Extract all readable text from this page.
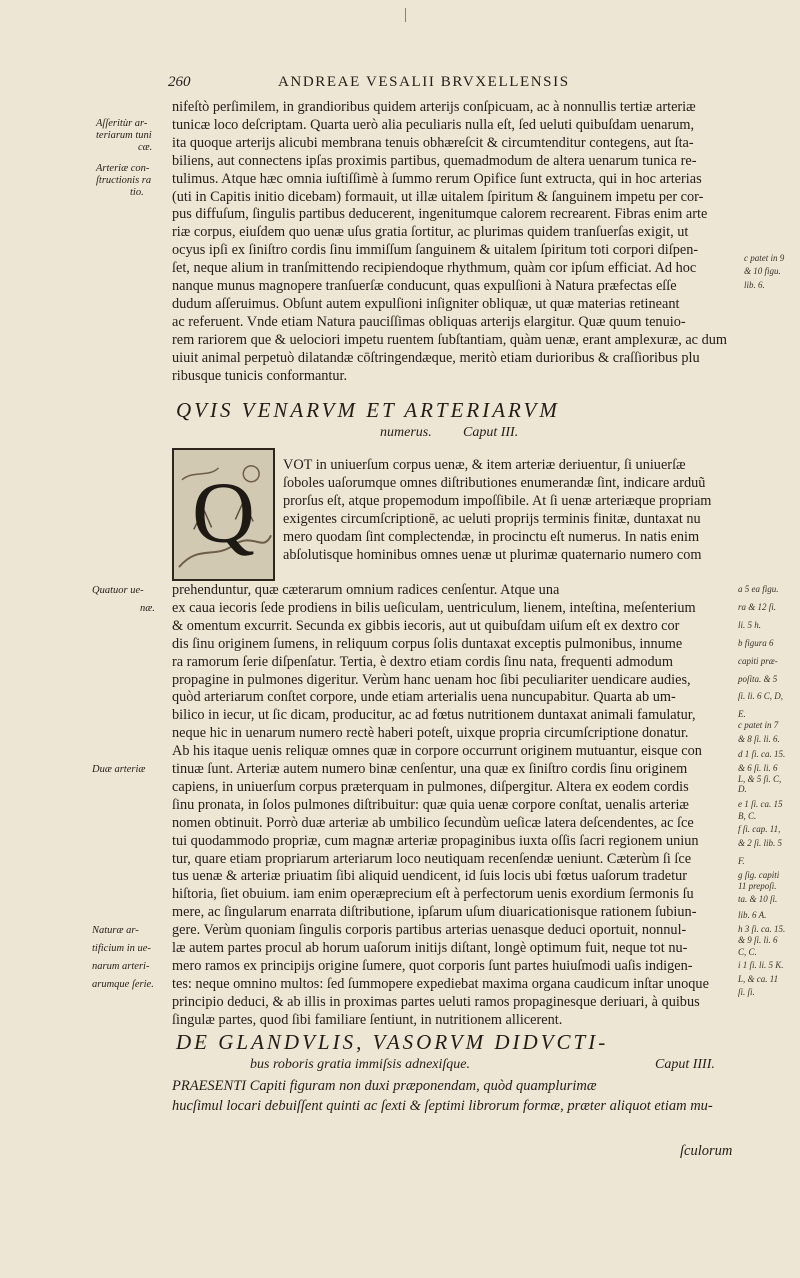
260	ANDREAE VESALII BRVXELLENSIS
nifeſtò perſimilem, in grandioribus quidem arterijs conſpicuam, ac à nonnullis tertiæ arteriæ
tunicæ loco deſcriptam. Quarta uerò alia peculiaris nulla eſt, ſed ueluti quibuſdam uenarum,
ita quoque arterijs alicubi membrana tenuis obhæreſcit & circumtenditur contegens, aut ſta-
biliens, aut connectens ipſas proximis partibus, quemadmodum de altera uenarum tunica re-
tulimus. Atque hæc omnia iuſtiſſimè à ſummo rerum Opifice ſunt extructa, qui in hoc arterias
(uti in Capitis initio dicebam) formauit, ut illæ uitalem ſpiritum & ſanguinem impetu per cor-
pus diffuſum, ſingulis partibus deducerent, ingenitumque calorem recrearent. Fibras enim arte
riæ corpus, eiuſdem quo uenæ uſus gratia ſortitur, ac plurimas quidem tranſuerſas exigit, ut
ocyus ipſi ex ſiniſtro cordis ſinu immiſſum ſanguinem & uitalem ſpiritum toti corpori diſpen-
ſet, neque alium in tranſmittendo recipiendoque rhythmum, quàm cor ipſum efficiat. Ad hoc
nanque munus magnopere tranſuerſæ conducunt, quas expulſioni à Natura præfectas eſſe
dudum aſſeruimus. Obſunt autem expulſioni inſigniter obliquæ, ut quæ materias retineant
ac referuent. Vnde etiam Natura pauciſſimas obliquas arterijs elargitur. Quæ quum tenuio-
rem rariorem que & uelociori impetu ruentem ſubſtantiam, quàm uenæ, erant amplexuræ, ac dum
uiuit animal perpetuò dilatandæ cōſtringendæque, meritò etiam durioribus & craſſioribus plu
ribusque tunicis conformantur.
Aſſeritùr ar-
teriarum tuni
cæ.
Arteriæ con-
ſtructionis ra
tio.
c patet in 9
& 10 figu.
lib. 6.
QVIS VENARVM ET ARTERIARVM
numerus. Caput III.
Q VOT in uniuerſum corpus uenæ, & item arteriæ deriuentur, ſi uniuerſæ
ſoboles uaſorumque omnes diſtributiones enumerandæ ſint, indicare arduũ
prorſus eſt, atque propemodum impoſſibile. At ſi uenæ arteriæque propriam
exigentes circumſcriptionē, ac ueluti proprijs terminis finitæ, duntaxat nu
mero quodam ſint complectendæ, in procinctu eſt numerus. In natis enim
abſolutisque hominibus omnes uenæ ut plurimæ quaternario numero com
prehenduntur, quæ cæterarum omnium radices cenſentur. Atque una
ex caua iecoris ſede prodiens in bilis ueſiculam, uentriculum, lienem, inteſtina, meſenterium
& omentum excurrit. Secunda ex gibbis iecoris, aut ut quibuſdam uiſum eſt ex dextro cor
dis ſinu originem ſumens, in reliquum corpus ſolis duntaxat exceptis pulmonibus, innume
ra ramorum ſerie diſpenſatur. Tertia, è dextro etiam cordis ſinu nata, frequenti admodum
propagine in pulmones digeritur. Verùm hanc uenam hoc ſibi peculiariter uendicare audies,
quòd arteriarum conſtet corpore, unde etiam arterialis uena nuncupabitur. Quarta ab um-
bilico in iecur, ut ſic dicam, producitur, ac ad fœtus nutritionem duntaxat animali famulatur,
neque hic in uenarum numero rectè haberi poteſt, uixque propria circumſcriptione donatur.
Ab his itaque uenis reliquæ omnes quæ in corpore occurrunt originem mutuantur, eisque con
tinuæ ſunt. Arteriæ autem numero binæ cenſentur, una quæ ex ſiniſtro cordis ſinu originem
capiens, in uniuerſum corpus præterquam in pulmones, diſpergitur. Altera ex eodem cordis
ſinu pronata, in ſolos pulmones diſtribuitur: quæ quia uenæ corpore conſtat, uenalis arteriæ
nomen obtinuit. Porrò duæ arteriæ ab umbilico ſecundùm ueſicæ latera deſcendentes, ac ſce
tui quodammodo propriæ, cum magnæ arteriæ propaginibus iuxta oſſis ſacri regionem uniun
tur, quare etiam propriarum arteriarum loco neutiquam recenſendæ ueniunt. Cæterùm ſi ſce
tus uenæ & arteriæ priuatim ſibi aliquid uendicent, id ſuis locis ubi fœtus uaſorum tradetur
hiſtoria, ſiet obuium. iam enim operæprecium eſt à perfectorum uenis exordium ſermonis ſu
mere, ac ſingularum enarrata diſtributione, ipſarum uſum diuaricationisque rationem ſubiun-
gere. Verùm quoniam ſingulis corporis partibus arterias uenasque deduci oportuit, nonnul-
læ autem partes procul ab horum uaſorum initijs diſtant, longè optimum fuit, neque tot nu-
mero ramos ex principijs origine ſumere, quot corporis ſunt partes huiuſmodi uaſis indigen-
tes: neque omnino multos: ſed ſummopere expediebat maxima organa caudicum inſtar unoque
principio deduci, & ab illis in proximas partes ueluti ramos propaginesque deriuari, à quibus
ſingulæ partes, quod ſibi familiare ſentiunt, in nutritionem allicerent.
Quatuor ue-
næ.
Duæ arteriæ
Naturæ ar-
tificium in ue-
narum arteri-
arumque ſerie.
a 5 ea figu.
ra & 12 ſi.
li. 5 h.
b figura 6
capiti præ-
poſita. & 5
ſi. li. 6 C, D,
E.
c patet in 7
& 8 ſi. li. 6.
d 1 ſi. ca. 15.
& 6 ſi. li. 6
L, & 5 ſi. C,
D.
e 1 ſi. ca. 15
B, C.
f ſi. cap. 11,
& 2 ſi. lib. 5
F.
g ſig. capiti
11 prepoſi.
ta. & 10 ſi.
lib. 6 A.
h 3 ſi. ca. 15.
& 9 ſi. li. 6
C, C.
i 1 ſi. li. 5 K.
L, & ca. 11
ſi. ſi.
DE GLANDVLIS, VASORVM DIDVCTI-
bus roboris gratia immiſsis adnexiſque.	Caput IIII.
PRAESENTI Capiti figuram non duxi præponendam, quòd quamplurimæ
hucſimul locari debuiſſent quinti ac ſexti & ſeptimi librorum formæ, præter aliquot etiam mu-
ſculorum
